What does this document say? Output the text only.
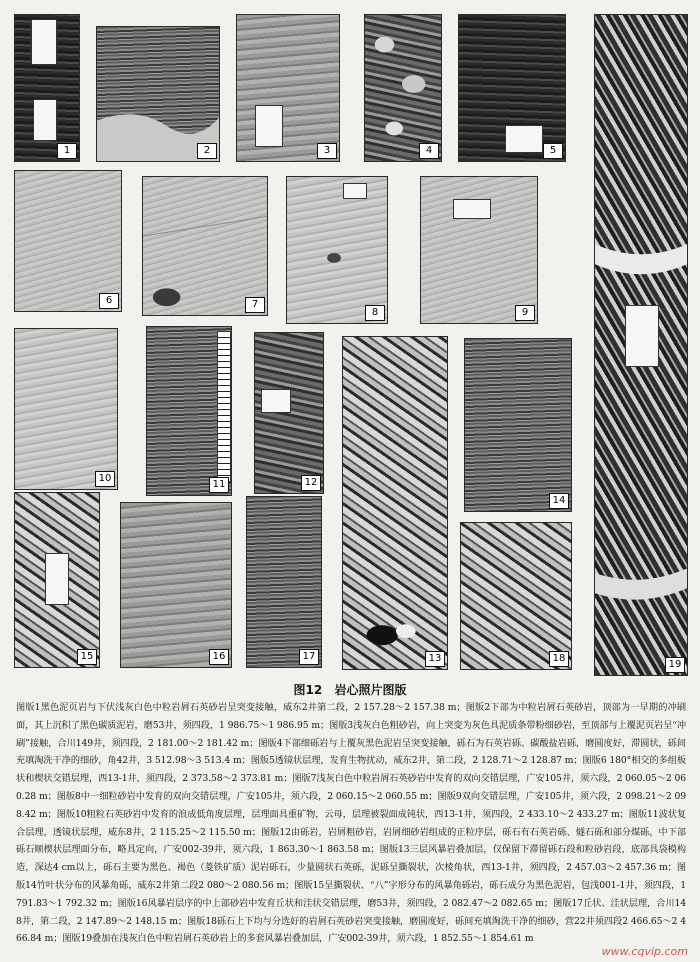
1	2	3	4	5
6	7
8	9
10
11	12
14
19
15	16	17	13	18
图12 岩心照片图版
图版1黑色泥页岩与下伏浅灰白色中粒岩屑石英砂岩呈突变接触，威东2井第二段，2 157.28～2 157.38 m；图版2下部为中粒岩屑石英砂岩，顶部为一早期的冲刷面，其上沉积了黑色碳质泥岩，磨53井，须四段，1 986.75～1 986.95 m；图版3浅灰白色粗砂岩，向上突变为灰色具泥质条带粉细砂岩，至顶部与上覆泥页岩呈“冲刷”接触，合川149井，须四段，2 181.00～2 181.42 m；图版4下部细砾岩与上覆灰黑色泥岩呈突变接触，砾石为石英岩砾、碳酸盐岩砾，磨圆度好，滞圆状，砾间充填淘洗干净的细砂，角42井，3 512.98～3 513.4 m；图版5透镜状层理，发育生物扰动，威东2井，第二段，2 128.71～2 128.87 m；图版6 180°相交的多组板状和楔状交错层理，西13-1井，须四段，2 373.58～2 373.81 m；图版7浅灰白色中粒岩屑石英砂岩中发育的双向交错层理，广安105井，须六段，2 060.05～2 060.28 m；图版8中一细粒砂岩中发育的双向交错层理，广安105井，须六段，2 060.15～2 060.55 m；图版9双向交错层理，广安105井，须六段，2 098.21～2 098.42 m；图版10粗粒石英砂岩中发育的浪成低角度层理，层理面具重矿物，云母，层理被裂面成钝状，西13-1井，须四段，2 433.10～2 433.27 m；图版11波状复合层理，透镜状层理，威东8井，2 115.25～2 115.50 m；图版12由砾岩，岩屑粗砂岩，岩屑细砂岩组成的正粒序层，砾石有石英岩砾、燧石砾和部分煤砾，中下部砾石顺楔状层理面分布，略具定向，广安002-39井，须六段，1 863.30～1 863.58 m；图版13三层风暴岩叠加层，仅保留下滞留砾石段和粒砂岩段，底部具袋模构造，深达4 cm以上，砾石主要为黑色、褐色（菱铁矿质）泥岩砾石，少量圆状石英砾，泥砾呈撕裂状，次棱角状，西13-1井，须四段，2 457.03～2 457.36 m；图版14竹叶状分布的风暴角砾，威东2井第二段2 080～2 080.56 m；图版15呈撕裂状、“八”字形分布的风暴角砾岩，砾石成分为黑色泥岩，包浅001-1井，须四段，1 791.83～1 792.32 m；图版16风暴岩层序的中上部砂岩中发育丘状和洼状交错层理，磨53井，须四段，2 082.47～2 082.65 m；图版17丘状、洼状层理，合川148井，第二段，2 147.89～2 148.15 m；图版18砾石上下均与分选好的岩屑石英砂岩突变接触，磨圆度好，砾间充填淘洗干净的细砂，营22井须四段2 466.65～2 466.84 m；图版19叠加在浅灰白色中粒岩屑石英砂岩上的多套风暴岩叠加层，广安002-39井，须六段，1 852.55～1 854.61 m
www.cqvip.com
